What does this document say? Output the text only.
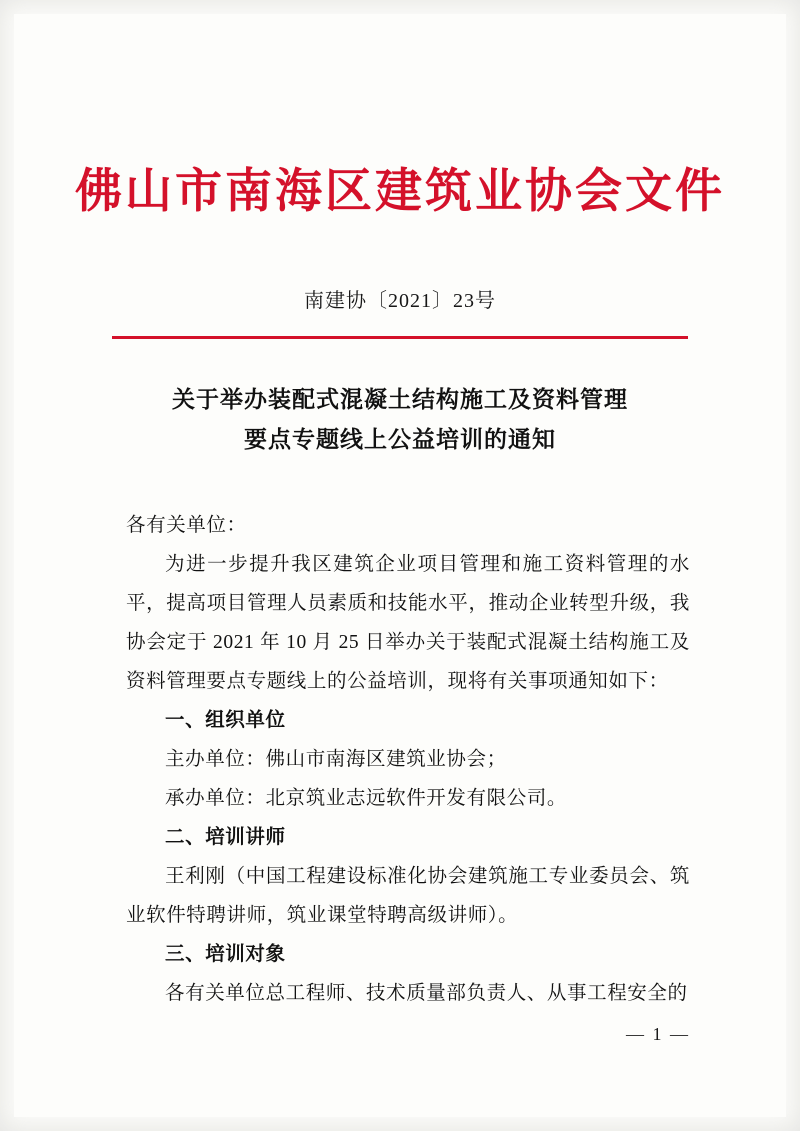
佛山市南海区建筑业协会文件
南建协〔2021〕23号
关于举办装配式混凝土结构施工及资料管理
要点专题线上公益培训的通知

各有关单位：

为进一步提升我区建筑企业项目管理和施工资料管理的水平，提高项目管理人员素质和技能水平，推动企业转型升级，我协会定于 2021 年 10 月 25 日举办关于装配式混凝土结构施工及资料管理要点专题线上的公益培训，现将有关事项通知如下：

一、组织单位

主办单位：佛山市南海区建筑业协会；

承办单位：北京筑业志远软件开发有限公司。

二、培训讲师

王利刚（中国工程建设标准化协会建筑施工专业委员会、筑业软件特聘讲师，筑业课堂特聘高级讲师）。

三、培训对象

各有关单位总工程师、技术质量部负责人、从事工程安全的

— 1 —
